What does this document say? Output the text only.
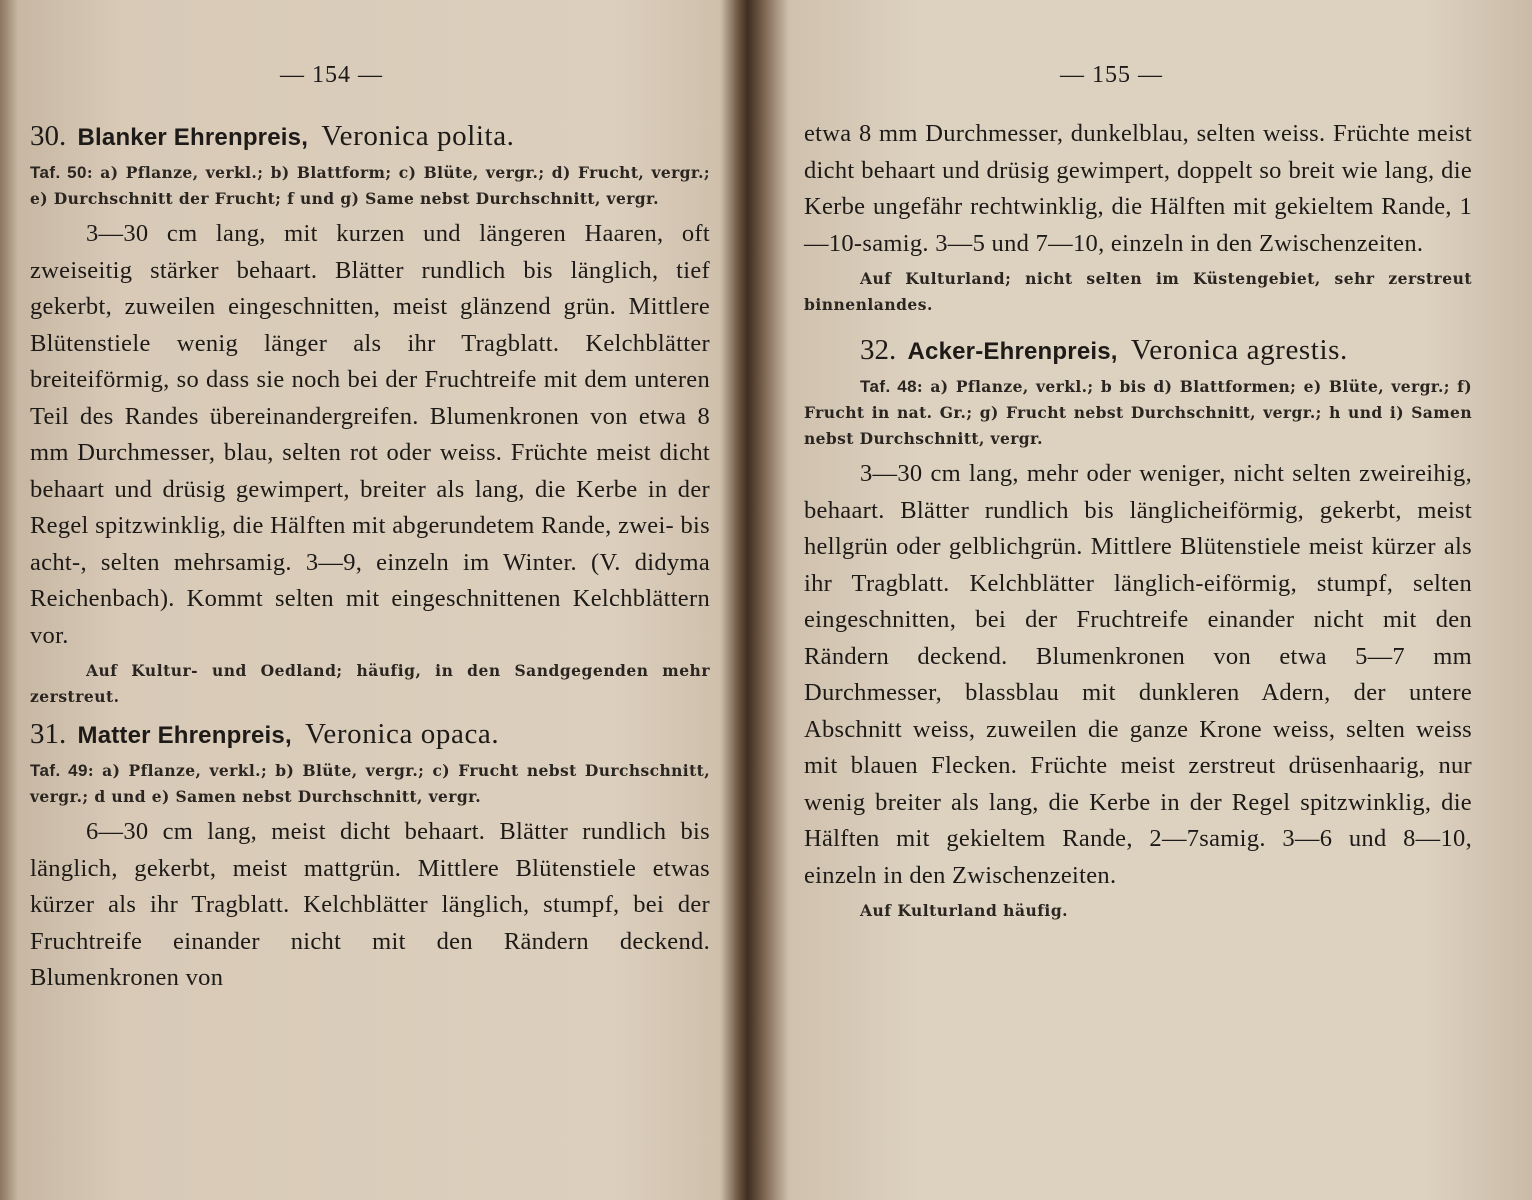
— 154 —
30. Blanker Ehrenpreis, Veronica polita.

Taf. 50: a) Pflanze, verkl.; b) Blattform; c) Blüte, vergr.; d) Frucht, vergr.; e) Durchschnitt der Frucht; f und g) Same nebst Durchschnitt, vergr.

3—30 cm lang, mit kurzen und längeren Haaren, oft zweiseitig stärker behaart. Blätter rundlich bis länglich, tief gekerbt, zuweilen eingeschnitten, meist glänzend grün. Mittlere Blütenstiele wenig länger als ihr Tragblatt. Kelchblätter breiteiförmig, so dass sie noch bei der Fruchtreife mit dem unteren Teil des Randes übereinandergreifen. Blumenkronen von etwa 8 mm Durchmesser, blau, selten rot oder weiss. Früchte meist dicht behaart und drüsig gewimpert, breiter als lang, die Kerbe in der Regel spitzwinklig, die Hälften mit abgerundetem Rande, zwei- bis acht-, selten mehrsamig. 3—9, einzeln im Winter. (V. didyma Reichenbach). Kommt selten mit eingeschnittenen Kelchblättern vor.

Auf Kultur- und Oedland; häufig, in den Sandgegenden mehr zerstreut.

31. Matter Ehrenpreis, Veronica opaca.

Taf. 49: a) Pflanze, verkl.; b) Blüte, vergr.; c) Frucht nebst Durchschnitt, vergr.; d und e) Samen nebst Durchschnitt, vergr.

6—30 cm lang, meist dicht behaart. Blätter rundlich bis länglich, gekerbt, meist mattgrün. Mittlere Blütenstiele etwas kürzer als ihr Tragblatt. Kelchblätter länglich, stumpf, bei der Fruchtreife einander nicht mit den Rändern deckend. Blumenkronen von

— 155 —

etwa 8 mm Durchmesser, dunkelblau, selten weiss. Früchte meist dicht behaart und drüsig gewimpert, doppelt so breit wie lang, die Kerbe ungefähr rechtwinklig, die Hälften mit gekieltem Rande, 1—10-samig. 3—5 und 7—10, einzeln in den Zwischenzeiten.

Auf Kulturland; nicht selten im Küstengebiet, sehr zerstreut binnenlandes.

32. Acker-Ehrenpreis, Veronica agrestis.

Taf. 48: a) Pflanze, verkl.; b bis d) Blattformen; e) Blüte, vergr.; f) Frucht in nat. Gr.; g) Frucht nebst Durchschnitt, vergr.; h und i) Samen nebst Durchschnitt, vergr.

3—30 cm lang, mehr oder weniger, nicht selten zweireihig, behaart. Blätter rundlich bis länglicheiförmig, gekerbt, meist hellgrün oder gelblichgrün. Mittlere Blütenstiele meist kürzer als ihr Tragblatt. Kelchblätter länglich-eiförmig, stumpf, selten eingeschnitten, bei der Fruchtreife einander nicht mit den Rändern deckend. Blumenkronen von etwa 5—7 mm Durchmesser, blassblau mit dunkleren Adern, der untere Abschnitt weiss, zuweilen die ganze Krone weiss, selten weiss mit blauen Flecken. Früchte meist zerstreut drüsenhaarig, nur wenig breiter als lang, die Kerbe in der Regel spitzwinklig, die Hälften mit gekieltem Rande, 2—7samig. 3—6 und 8—10, einzeln in den Zwischenzeiten.

Auf Kulturland häufig.
